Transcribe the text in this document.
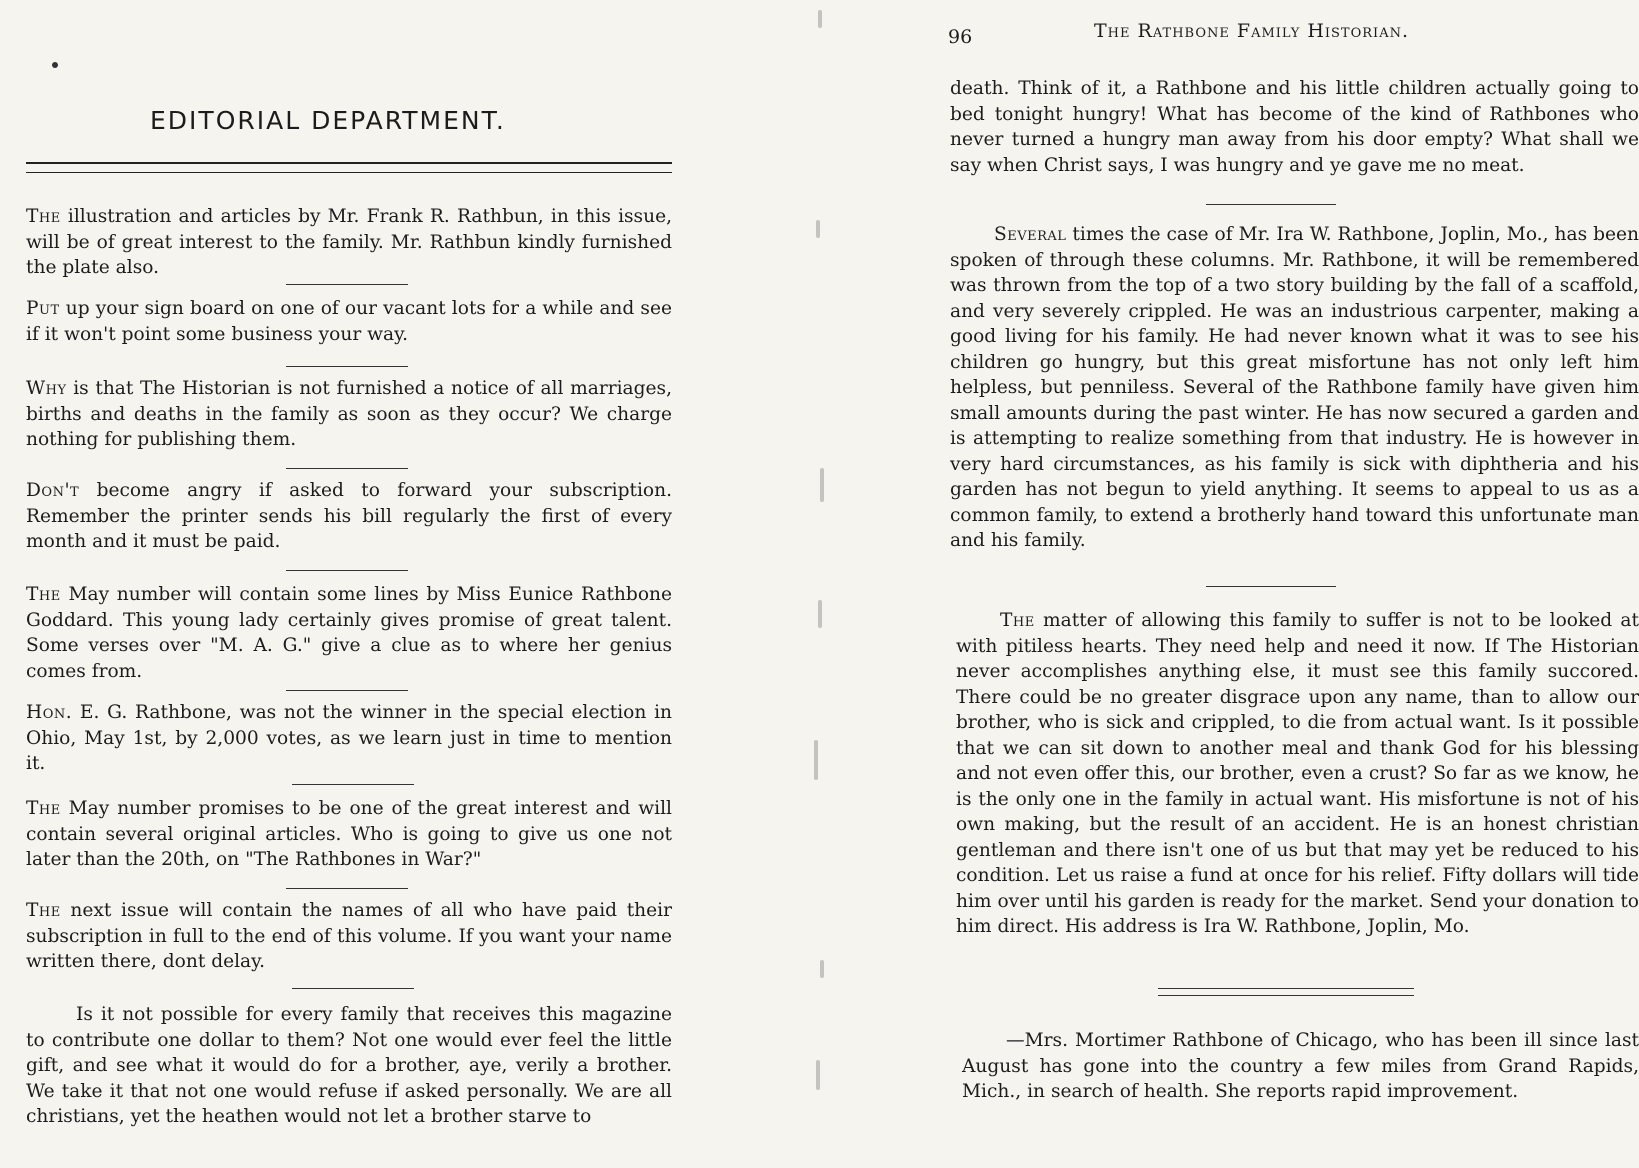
EDITORIAL DEPARTMENT.
The illustration and articles by Mr. Frank R. Rathbun, in this issue, will be of great interest to the family. Mr. Rathbun kindly furnished the plate also.
Put up your sign board on one of our vacant lots for a while and see if it won't point some business your way.
Why is that The Historian is not furnished a notice of all marriages, births and deaths in the family as soon as they occur? We charge nothing for publishing them.
Don't become angry if asked to forward your subscription. Remember the printer sends his bill regularly the first of every month and it must be paid.
The May number will contain some lines by Miss Eunice Rathbone Goddard. This young lady certainly gives promise of great talent. Some verses over "M. A. G." give a clue as to where her genius comes from.
Hon. E. G. Rathbone, was not the winner in the special election in Ohio, May 1st, by 2,000 votes, as we learn just in time to mention it.
The May number promises to be one of the great interest and will contain several original articles. Who is going to give us one not later than the 20th, on "The Rathbones in War?"
The next issue will contain the names of all who have paid their subscription in full to the end of this volume. If you want your name written there, dont delay.
Is it not possible for every family that receives this magazine to contribute one dollar to them? Not one would ever feel the little gift, and see what it would do for a brother, aye, verily a brother. We take it that not one would refuse if asked personally. We are all christians, yet the heathen would not let a brother starve to
96	The Rathbone Family Historian.
death. Think of it, a Rathbone and his little children actually going to bed tonight hungry! What has become of the kind of Rathbones who never turned a hungry man away from his door empty? What shall we say when Christ says, I was hungry and ye gave me no meat.
Several times the case of Mr. Ira W. Rathbone, Joplin, Mo., has been spoken of through these columns. Mr. Rathbone, it will be remembered was thrown from the top of a two story building by the fall of a scaffold, and very severely crippled. He was an industrious carpenter, making a good living for his family. He had never known what it was to see his children go hungry, but this great misfortune has not only left him helpless, but penniless. Several of the Rathbone family have given him small amounts during the past winter. He has now secured a garden and is attempting to realize something from that industry. He is however in very hard circumstances, as his family is sick with diphtheria and his garden has not begun to yield anything. It seems to appeal to us as a common family, to extend a brotherly hand toward this unfortunate man and his family.
The matter of allowing this family to suffer is not to be looked at with pitiless hearts. They need help and need it now. If The Historian never accomplishes anything else, it must see this family succored. There could be no greater disgrace upon any name, than to allow our brother, who is sick and crippled, to die from actual want. Is it possible that we can sit down to another meal and thank God for his blessing and not even offer this, our brother, even a crust? So far as we know, he is the only one in the family in actual want. His misfortune is not of his own making, but the result of an accident. He is an honest christian gentleman and there isn't one of us but that may yet be reduced to his condition. Let us raise a fund at once for his relief. Fifty dollars will tide him over until his garden is ready for the market. Send your donation to him direct. His address is Ira W. Rathbone, Joplin, Mo.
—Mrs. Mortimer Rathbone of Chicago, who has been ill since last August has gone into the country a few miles from Grand Rapids, Mich., in search of health. She reports rapid improvement.
